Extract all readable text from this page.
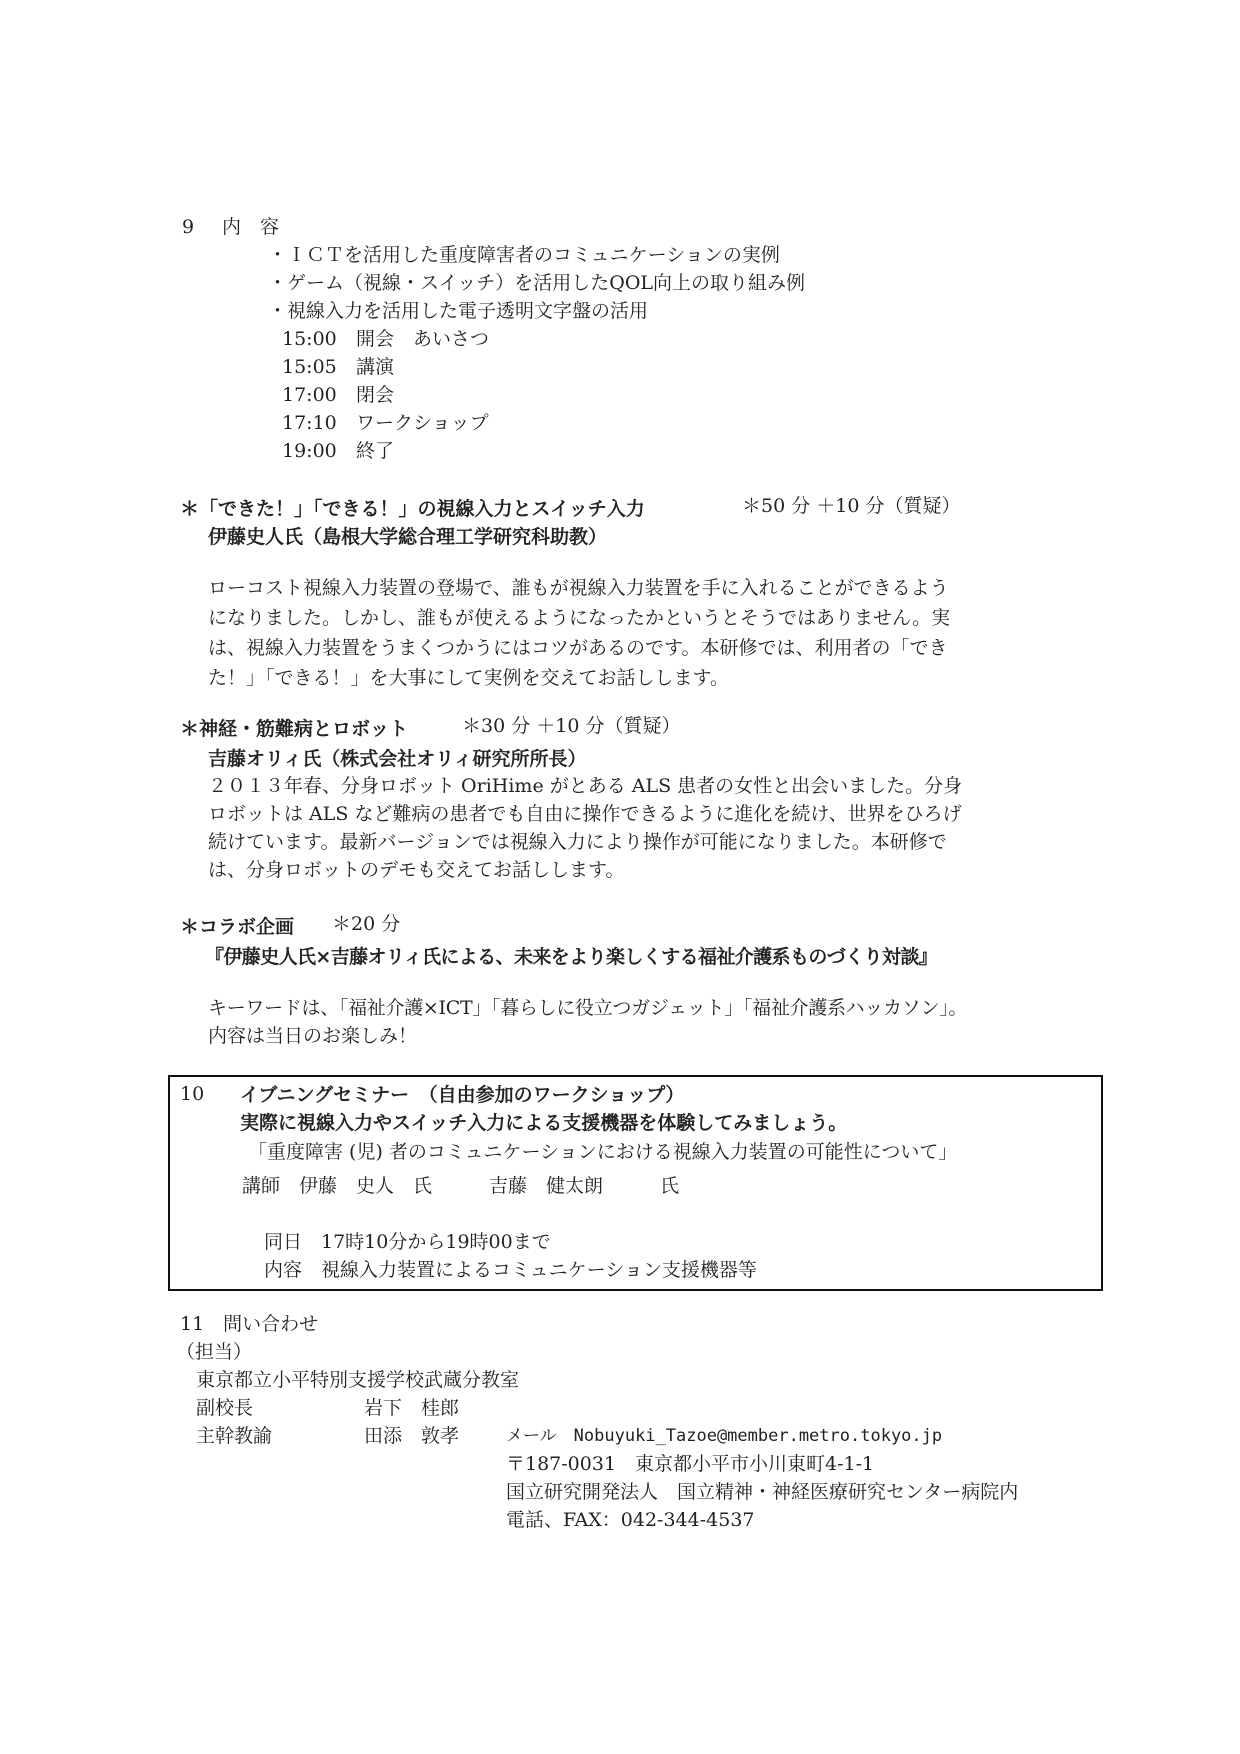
9 内　容
・ＩＣＴを活用した重度障害者のコミュニケーションの実例
・ゲーム（視線・スイッチ）を活用したQOL向上の取り組み例
・視線入力を活用した電子透明文字盤の活用
15:00 開会　あいさつ
15:05 講演
17:00 閉会
17:10 ワークショップ
19:00 終了
＊「できた！」「できる！」の視線入力とスイッチ入力	＊50 分 ＋10 分（質疑）
伊藤史人氏（島根大学総合理工学研究科助教）
ローコスト視線入力装置の登場で、誰もが視線入力装置を手に入れることができるよう
になりました。しかし、誰もが使えるようになったかというとそうではありません。実
は、視線入力装置をうまくつかうにはコツがあるのです。本研修では、利用者の「でき
た！」「できる！」を大事にして実例を交えてお話しします。
＊神経・筋難病とロボット	＊30 分 ＋10 分（質疑）
吉藤オリィ氏（株式会社オリィ研究所所長）
２０１３年春、分身ロボット OriHime がとある ALS 患者の女性と出会いました。分身
ロボットは ALS など難病の患者でも自由に操作できるように進化を続け、世界をひろげ
続けています。最新バージョンでは視線入力により操作が可能になりました。本研修で
は、分身ロボットのデモも交えてお話しします。
＊コラボ企画 ＊20 分
『伊藤史人氏×吉藤オリィ氏による、未来をより楽しくする福祉介護系ものづくり対談』
キーワードは、「福祉介護×ICT」「暮らしに役立つガジェット」「福祉介護系ハッカソン」。
内容は当日のお楽しみ！
10 イブニングセミナー　（自由参加のワークショップ）
実際に視線入力やスイッチ入力による支援機器を体験してみましょう。
「重度障害 (児) 者のコミュニケーションにおける視線入力装置の可能性について」
講師　伊藤　史人　氏　　　吉藤　健太朗　　　氏
同日　17時10分から19時00まで
内容　視線入力装置によるコミュニケーション支援機器等
11　問い合わせ
（担当）
東京都立小平特別支援学校武蔵分教室
副校長	岩下　桂郎
主幹教諭	田添　敦孝	メール　Nobuyuki_Tazoe@member.metro.tokyo.jp
〒187-0031　東京都小平市小川東町4-1-1
国立研究開発法人　国立精神・神経医療研究センター病院内
電話、FAX：042-344-4537
